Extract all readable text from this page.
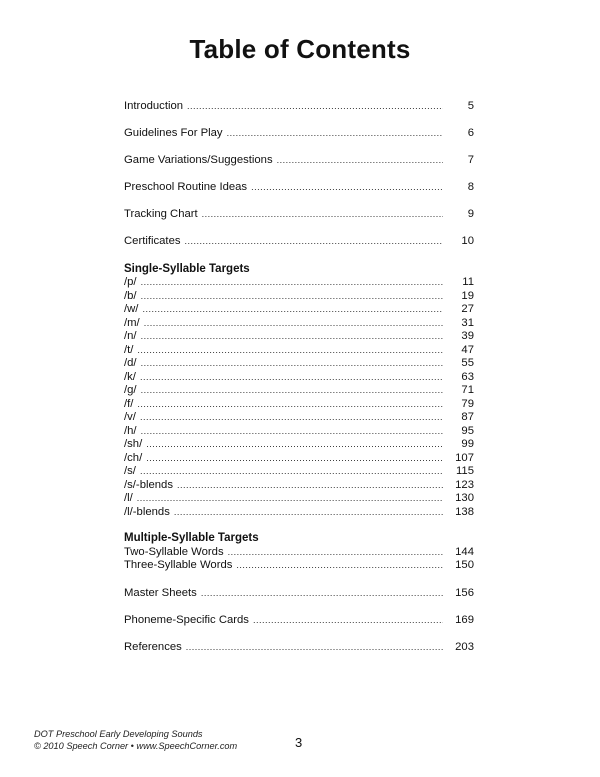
Table of Contents
Introduction .....	5
Guidelines For Play .....	6
Game Variations/Suggestions .....	7
Preschool Routine Ideas .....	8
Tracking Chart .....	9
Certificates .....	10
Single-Syllable Targets
/p/ .....	11
/b/ .....	19
/w/ .....	27
/m/ .....	31
/n/ .....	39
/t/ .....	47
/d/ .....	55
/k/ .....	63
/g/ .....	71
/f/ .....	79
/v/ .....	87
/h/ .....	95
/sh/ .....	99
/ch/ .....	107
/s/ .....	115
/s/-blends .....	123
/l/ .....	130
/l/-blends .....	138
Multiple-Syllable Targets
Two-Syllable Words .....	144
Three-Syllable Words .....	150
Master Sheets .....	156
Phoneme-Specific Cards .....	169
References .....	203
DOT Preschool Early Developing Sounds
© 2010 Speech Corner • www.SpeechCorner.com	3
